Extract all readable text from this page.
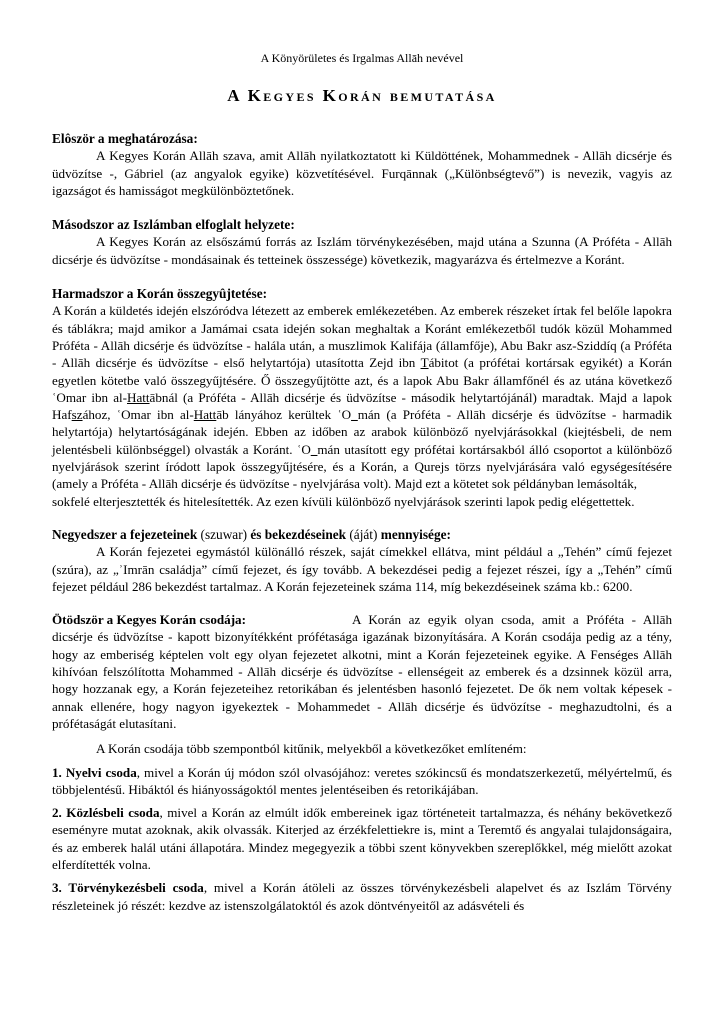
A Könyörületes és Irgalmas Allāh nevével

A Kegyes Korán bemutatása
Elôször a meghatározása:

A Kegyes Korán Allāh szava, amit Allāh nyilatkoztatott ki Küldöttének, Mohammednek - Allāh dicsérje és üdvözítse -, Gábriel (az angyalok egyike) közvetítésével. Furqānnak („Különbségtevő”) is nevezik, vagyis az igazságot és hamisságot megkülönböztetőnek.

Másodszor az Iszlámban elfoglalt helyzete:

A Kegyes Korán az elsőszámú forrás az Iszlám törvénykezésében, majd utána a Szunna (A Próféta - Allāh dicsérje és üdvözítse - mondásainak és tetteinek összessége) következik, magyarázva és értelmezve a Koránt.

Harmadszor a Korán összegyûjtetése:

A Korán a küldetés idején elszóródva létezett az emberek emlékezetében. Az emberek részeket írtak fel belőle lapokra és táblákra; majd amikor a Jamámai csata idején sokan meghaltak a Koránt emlékezetből tudók közül Mohammed Próféta - Allāh dicsérje és üdvözítse - halála után, a muszlimok Kalifája (államfője), Abu Bakr asz-Sziddíq (a Próféta - Allāh dicsérje és üdvözítse - első helytartója) utasította Zejd ibn Tábitot (a prófétai kortársak egyikét) a Korán egyetlen kötetbe való összegyűjtésére. Ő összegyűjtötte azt, és a lapok Abu Bakr államfőnél és az utána következő ʿOmar ibn al-Hattābnál (a Próféta - Allāh dicsérje és üdvözítse - második helytartójánál) maradtak. Majd a lapok Hafszához, ʿOmar ibn al-Hattāb lányához kerültek ʿO_mán (a Próféta - Allāh dicsérje és üdvözítse - harmadik helytartója) helytartóságának idején. Ebben az időben az arabok különböző nyelvjárásokkal (kiejtésbeli, de nem jelentésbeli különbséggel) olvasták a Koránt. ʿO_mán utasított egy prófétai kortársakból álló csoportot a különböző nyelvjárások szerint íródott lapok összegyűjtésére, és a Korán, a Qurejs törzs nyelvjárására való egységesítésére (amely a Próféta - Allāh dicsérje és üdvözítse - nyelvjárása volt). Majd ezt a kötetet sok példányban lemásolták,

sokfelé elterjesztették és hitelesítették. Az ezen kívüli különböző nyelvjárások szerinti lapok pedig elégettettek.

Negyedszer a fejezeteinek (szuwar) és bekezdéseinek (áját) mennyisége:

A Korán fejezetei egymástól különálló részek, saját címekkel ellátva, mint például a „Tehén” című fejezet (szúra), az „ʾImrān családja” című fejezet, és így tovább. A bekezdései pedig a fejezet részei, így a „Tehén” című fejezet például 286 bekezdést tartalmaz. A Korán fejezeteinek száma 114, míg bekezdéseinek száma kb.: 6200.

Ötödször a Kegyes Korán csodája:	A Korán az egyik olyan csoda, amit a Próféta - Allāh

dicsérje és üdvözítse - kapott bizonyítékként prófétasága igazának bizonyítására. A Korán csodája pedig az a tény, hogy az emberiség képtelen volt egy olyan fejezetet alkotni, mint a Korán fejezeteinek egyike. A Fenséges Allāh kihívóan felszólította Mohammed - Allāh dicsérje és üdvözítse - ellenségeit az emberek és a dzsinnek közül arra, hogy hozzanak egy, a Korán fejezeteihez retorikában és jelentésben hasonló fejezetet. De ők nem voltak képesek - annak ellenére, hogy nagyon igyekeztek - Mohammedet - Allāh dicsérje és üdvözítse - meghazudtolni, és a prófétaságát elutasítani.

A Korán csodája több szempontból kitűnik, melyekből a következőket említeném:

1. Nyelvi csoda, mivel a Korán új módon szól olvasójához: veretes szókincsű és mondatszerkezetű, mélyértelmű, és többjelentésű. Hibáktól és hiányosságoktól mentes jelentéseiben és retorikájában.
2. Közlésbeli csoda, mivel a Korán az elmúlt idők embereinek igaz történeteit tartalmazza, és néhány bekövetkező eseményre mutat azoknak, akik olvassák. Kiterjed az érzékfelettiekre is, mint a Teremtő és angyalai tulajdonságaira, és az emberek halál utáni állapotára. Mindez megegyezik a többi szent könyvekben szereplőkkel, még mielőtt azokat elferdítették volna.
3. Törvénykezésbeli csoda, mivel a Korán átöleli az összes törvénykezésbeli alapelvet és az Iszlám Törvény részleteinek jó részét: kezdve az istenszolgálatoktól és azok döntvényeitől az adásvételi és
